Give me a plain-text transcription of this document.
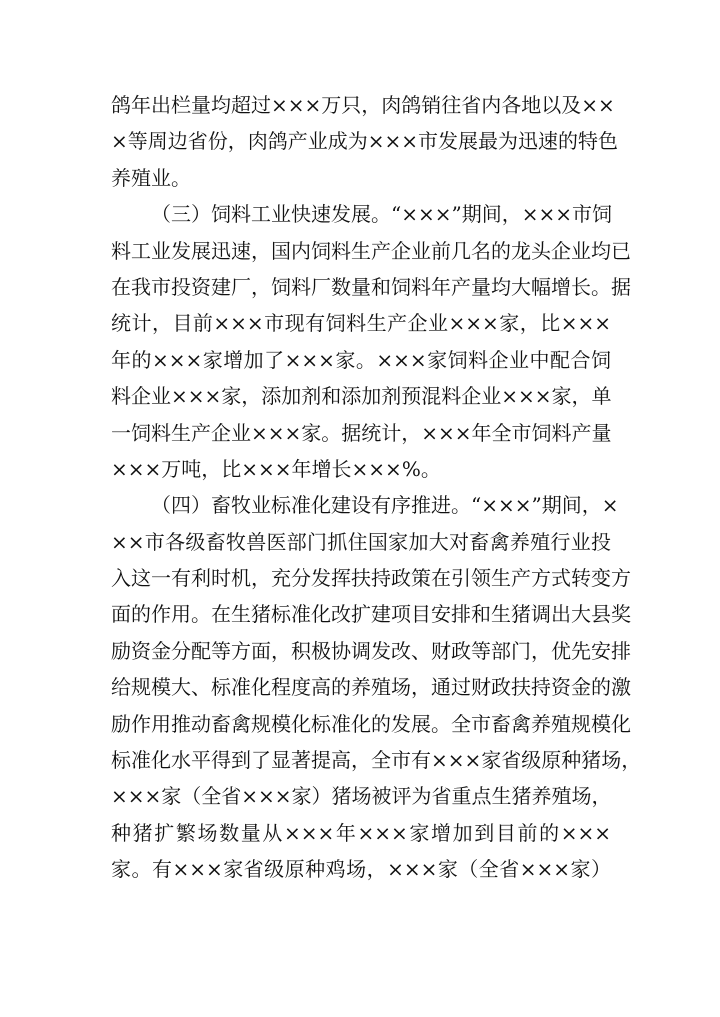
鸽年出栏量均超过×××万只，肉鸽销往省内各地以及××
×等周边省份，肉鸽产业成为×××市发展最为迅速的特色
养殖业。
（三）饲料工业快速发展。“×××”期间，×××市饲
料工业发展迅速，国内饲料生产企业前几名的龙头企业均已
在我市投资建厂，饲料厂数量和饲料年产量均大幅增长。据
统计，目前×××市现有饲料生产企业×××家，比×××
年的×××家增加了×××家。×××家饲料企业中配合饲
料企业×××家，添加剂和添加剂预混料企业×××家，单
一饲料生产企业×××家。据统计，×××年全市饲料产量
×××万吨，比×××年增长×××%。
（四）畜牧业标准化建设有序推进。“×××”期间，×
××市各级畜牧兽医部门抓住国家加大对畜禽养殖行业投
入这一有利时机，充分发挥扶持政策在引领生产方式转变方
面的作用。在生猪标准化改扩建项目安排和生猪调出大县奖
励资金分配等方面，积极协调发改、财政等部门，优先安排
给规模大、标准化程度高的养殖场，通过财政扶持资金的激
励作用推动畜禽规模化标准化的发展。全市畜禽养殖规模化
标准化水平得到了显著提高，全市有×××家省级原种猪场，
×××家（全省×××家）猪场被评为省重点生猪养殖场，
种猪扩繁场数量从×××年×××家增加到目前的×××
家。有×××家省级原种鸡场，×××家（全省×××家）
